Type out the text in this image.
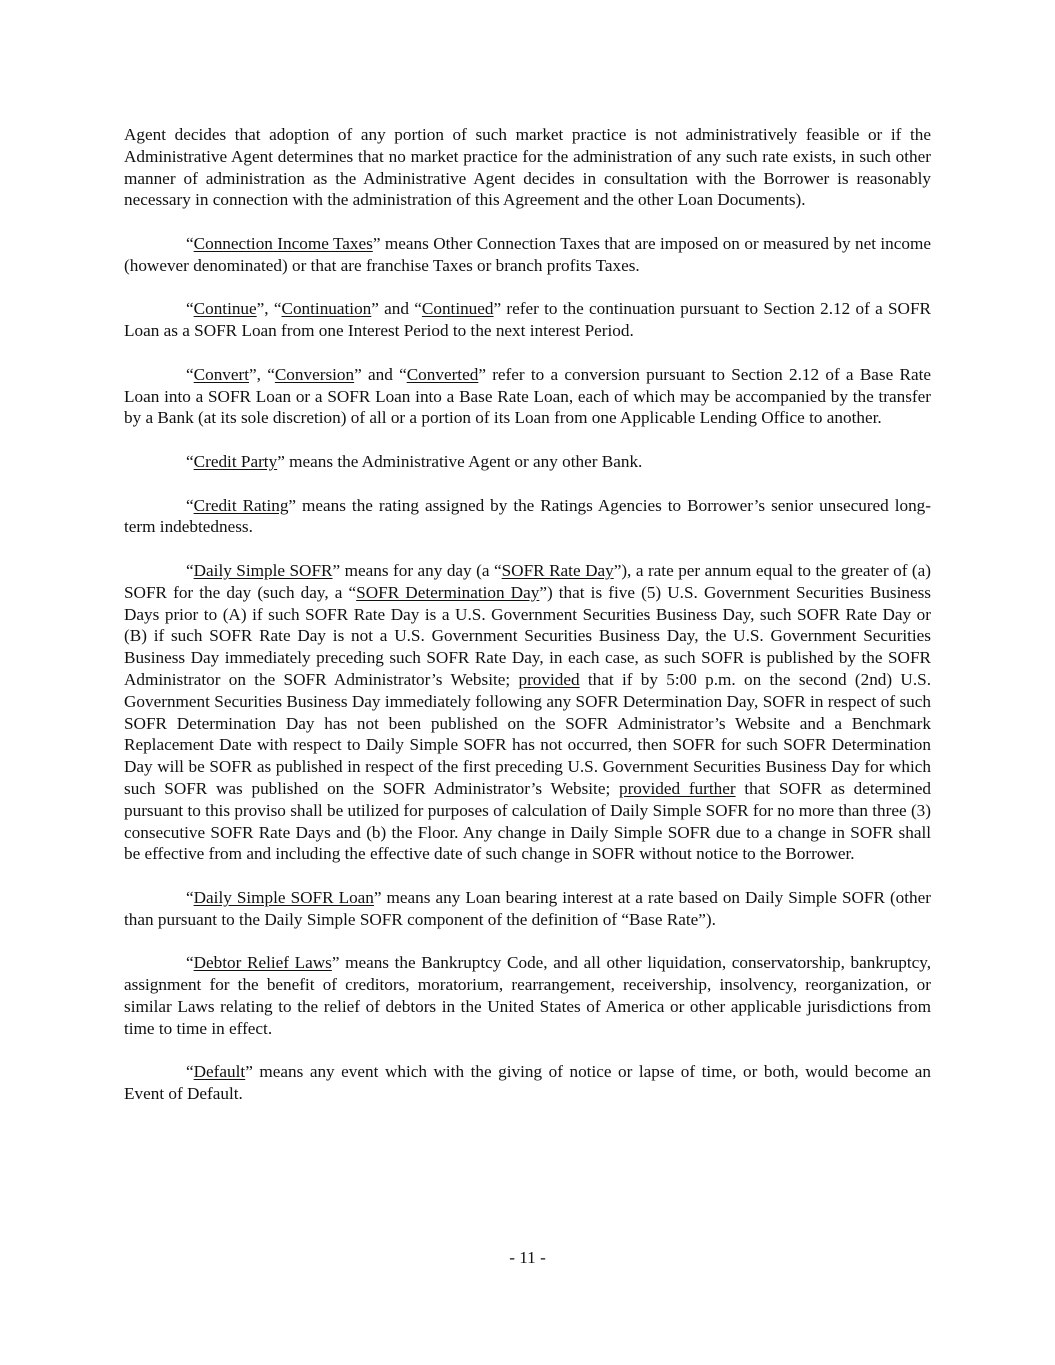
Agent decides that adoption of any portion of such market practice is not administratively feasible or if the Administrative Agent determines that no market practice for the administration of any such rate exists, in such other manner of administration as the Administrative Agent decides in consultation with the Borrower is reasonably necessary in connection with the administration of this Agreement and the other Loan Documents).

“Connection Income Taxes” means Other Connection Taxes that are imposed on or measured by net income (however denominated) or that are franchise Taxes or branch profits Taxes.

“Continue”, “Continuation” and “Continued” refer to the continuation pursuant to Section 2.12 of a SOFR Loan as a SOFR Loan from one Interest Period to the next interest Period.

“Convert”, “Conversion” and “Converted” refer to a conversion pursuant to Section 2.12 of a Base Rate Loan into a SOFR Loan or a SOFR Loan into a Base Rate Loan, each of which may be accompanied by the transfer by a Bank (at its sole discretion) of all or a portion of its Loan from one Applicable Lending Office to another.

“Credit Party” means the Administrative Agent or any other Bank.

“Credit Rating” means the rating assigned by the Ratings Agencies to Borrower’s senior unsecured long-term indebtedness.

“Daily Simple SOFR” means for any day (a “SOFR Rate Day”), a rate per annum equal to the greater of (a) SOFR for the day (such day, a “SOFR Determination Day”) that is five (5) U.S. Government Securities Business Days prior to (A) if such SOFR Rate Day is a U.S. Government Securities Business Day, such SOFR Rate Day or (B) if such SOFR Rate Day is not a U.S. Government Securities Business Day, the U.S. Government Securities Business Day immediately preceding such SOFR Rate Day, in each case, as such SOFR is published by the SOFR Administrator on the SOFR Administrator’s Website; provided that if by 5:00 p.m. on the second (2nd) U.S. Government Securities Business Day immediately following any SOFR Determination Day, SOFR in respect of such SOFR Determination Day has not been published on the SOFR Administrator’s Website and a Benchmark Replacement Date with respect to Daily Simple SOFR has not occurred, then SOFR for such SOFR Determination Day will be SOFR as published in respect of the first preceding U.S. Government Securities Business Day for which such SOFR was published on the SOFR Administrator’s Website; provided further that SOFR as determined pursuant to this proviso shall be utilized for purposes of calculation of Daily Simple SOFR for no more than three (3) consecutive SOFR Rate Days and (b) the Floor. Any change in Daily Simple SOFR due to a change in SOFR shall be effective from and including the effective date of such change in SOFR without notice to the Borrower.

“Daily Simple SOFR Loan” means any Loan bearing interest at a rate based on Daily Simple SOFR (other than pursuant to the Daily Simple SOFR component of the definition of “Base Rate”).

“Debtor Relief Laws” means the Bankruptcy Code, and all other liquidation, conservatorship, bankruptcy, assignment for the benefit of creditors, moratorium, rearrangement, receivership, insolvency, reorganization, or similar Laws relating to the relief of debtors in the United States of America or other applicable jurisdictions from time to time in effect.

“Default” means any event which with the giving of notice or lapse of time, or both, would become an Event of Default.

- 11 -
